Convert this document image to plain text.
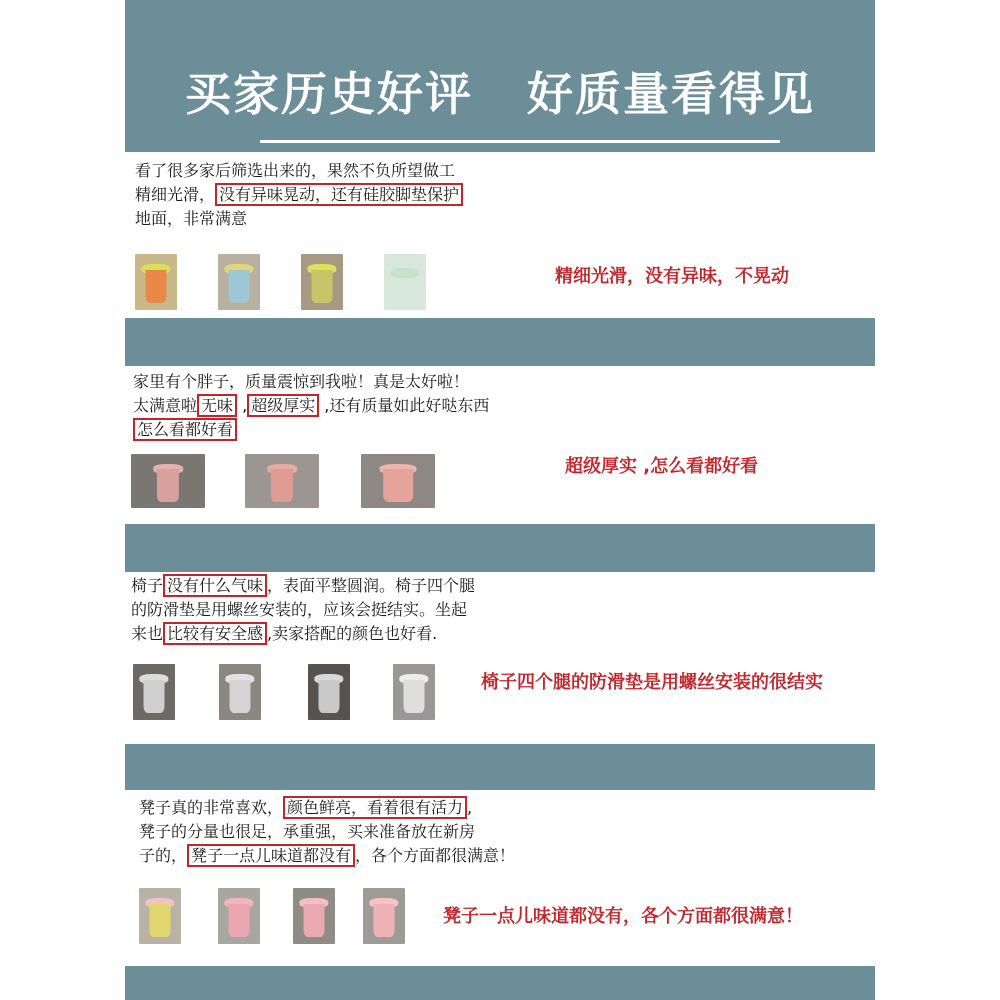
买家历史好评   好质量看得见
看了很多家后筛选出来的，果然不负所望做工
精细光滑， 没有异味晃动，还有硅胶脚垫保护
地面，非常满意
精细光滑，没有异味，不晃动
家里有个胖子，质量震惊到我啦！真是太好啦！
太满意啦 无味 , 超级厚实 ,还有质量如此好哒东西
怎么看都好看
超级厚实 ,怎么看都好看
椅子 没有什么气味 ，表面平整圆润。椅子四个腿
的防滑垫是用螺丝安装的，应该会挺结实。坐起
来也 比较有安全感 ,卖家搭配的颜色也好看.
椅子四个腿的防滑垫是用螺丝安装的很结实
凳子真的非常喜欢， 颜色鲜亮，看着很有活力 ,
凳子的分量也很足，承重强，买来准备放在新房
子的， 凳子一点儿味道都没有 ，各个方面都很满意！
凳子一点儿味道都没有，各个方面都很满意！
